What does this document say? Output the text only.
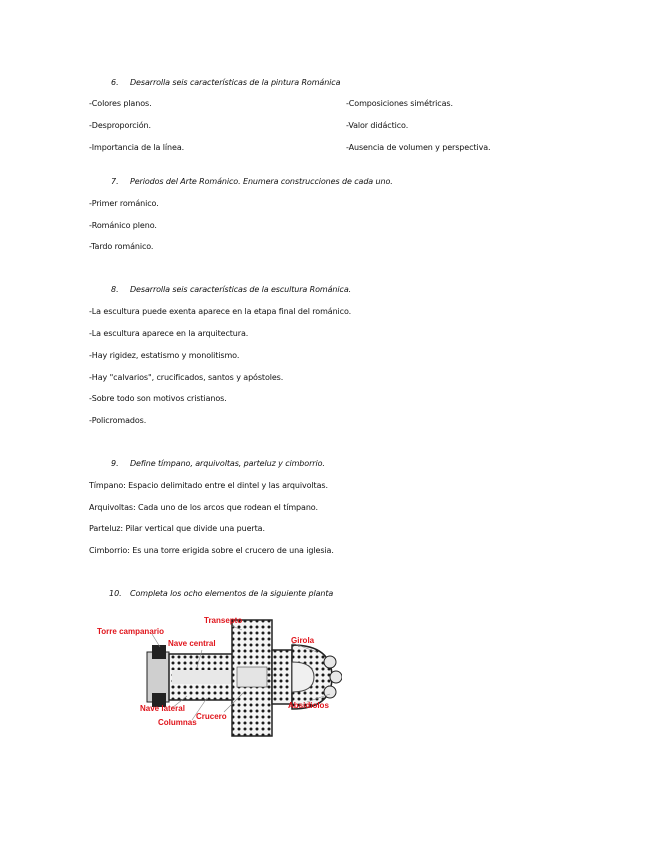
6. Desarrolla seis características de la pintura Románica
-Colores planos.
-Desproporción.
-Importancia de la línea.
-Composiciones simétricas.
-Valor didáctico.
-Ausencia de volumen y perspectiva.
7. Periodos del Arte Románico. Enumera construcciones de cada uno.
-Primer románico.
-Románico pleno.
-Tardo románico.
8. Desarrolla seis características de la escultura Románica.
-La escultura puede exenta aparece en la etapa final del románico.
-La escultura aparece en la arquitectura.
-Hay rigidez, estatismo y monolitismo.
-Hay "calvarios", crucificados, santos y apóstoles.
-Sobre todo son motivos cristianos.
-Policromados.
9. Define tímpano, arquivoltas, parteluz y cimborrio.
Tímpano: Espacio delimitado entre el dintel y las arquivoltas.
Arquivoltas: Cada uno de los arcos que rodean el tímpano.
Parteluz: Pilar vertical que divide una puerta.
Cimborrio: Es una torre erigida sobre el crucero de una iglesia.
10. Completa los ocho elementos de la siguiente planta
Torre campanario
Transepto
Nave central	Girola
Nave lateral
Columnas
Crucero
Absidiolos
